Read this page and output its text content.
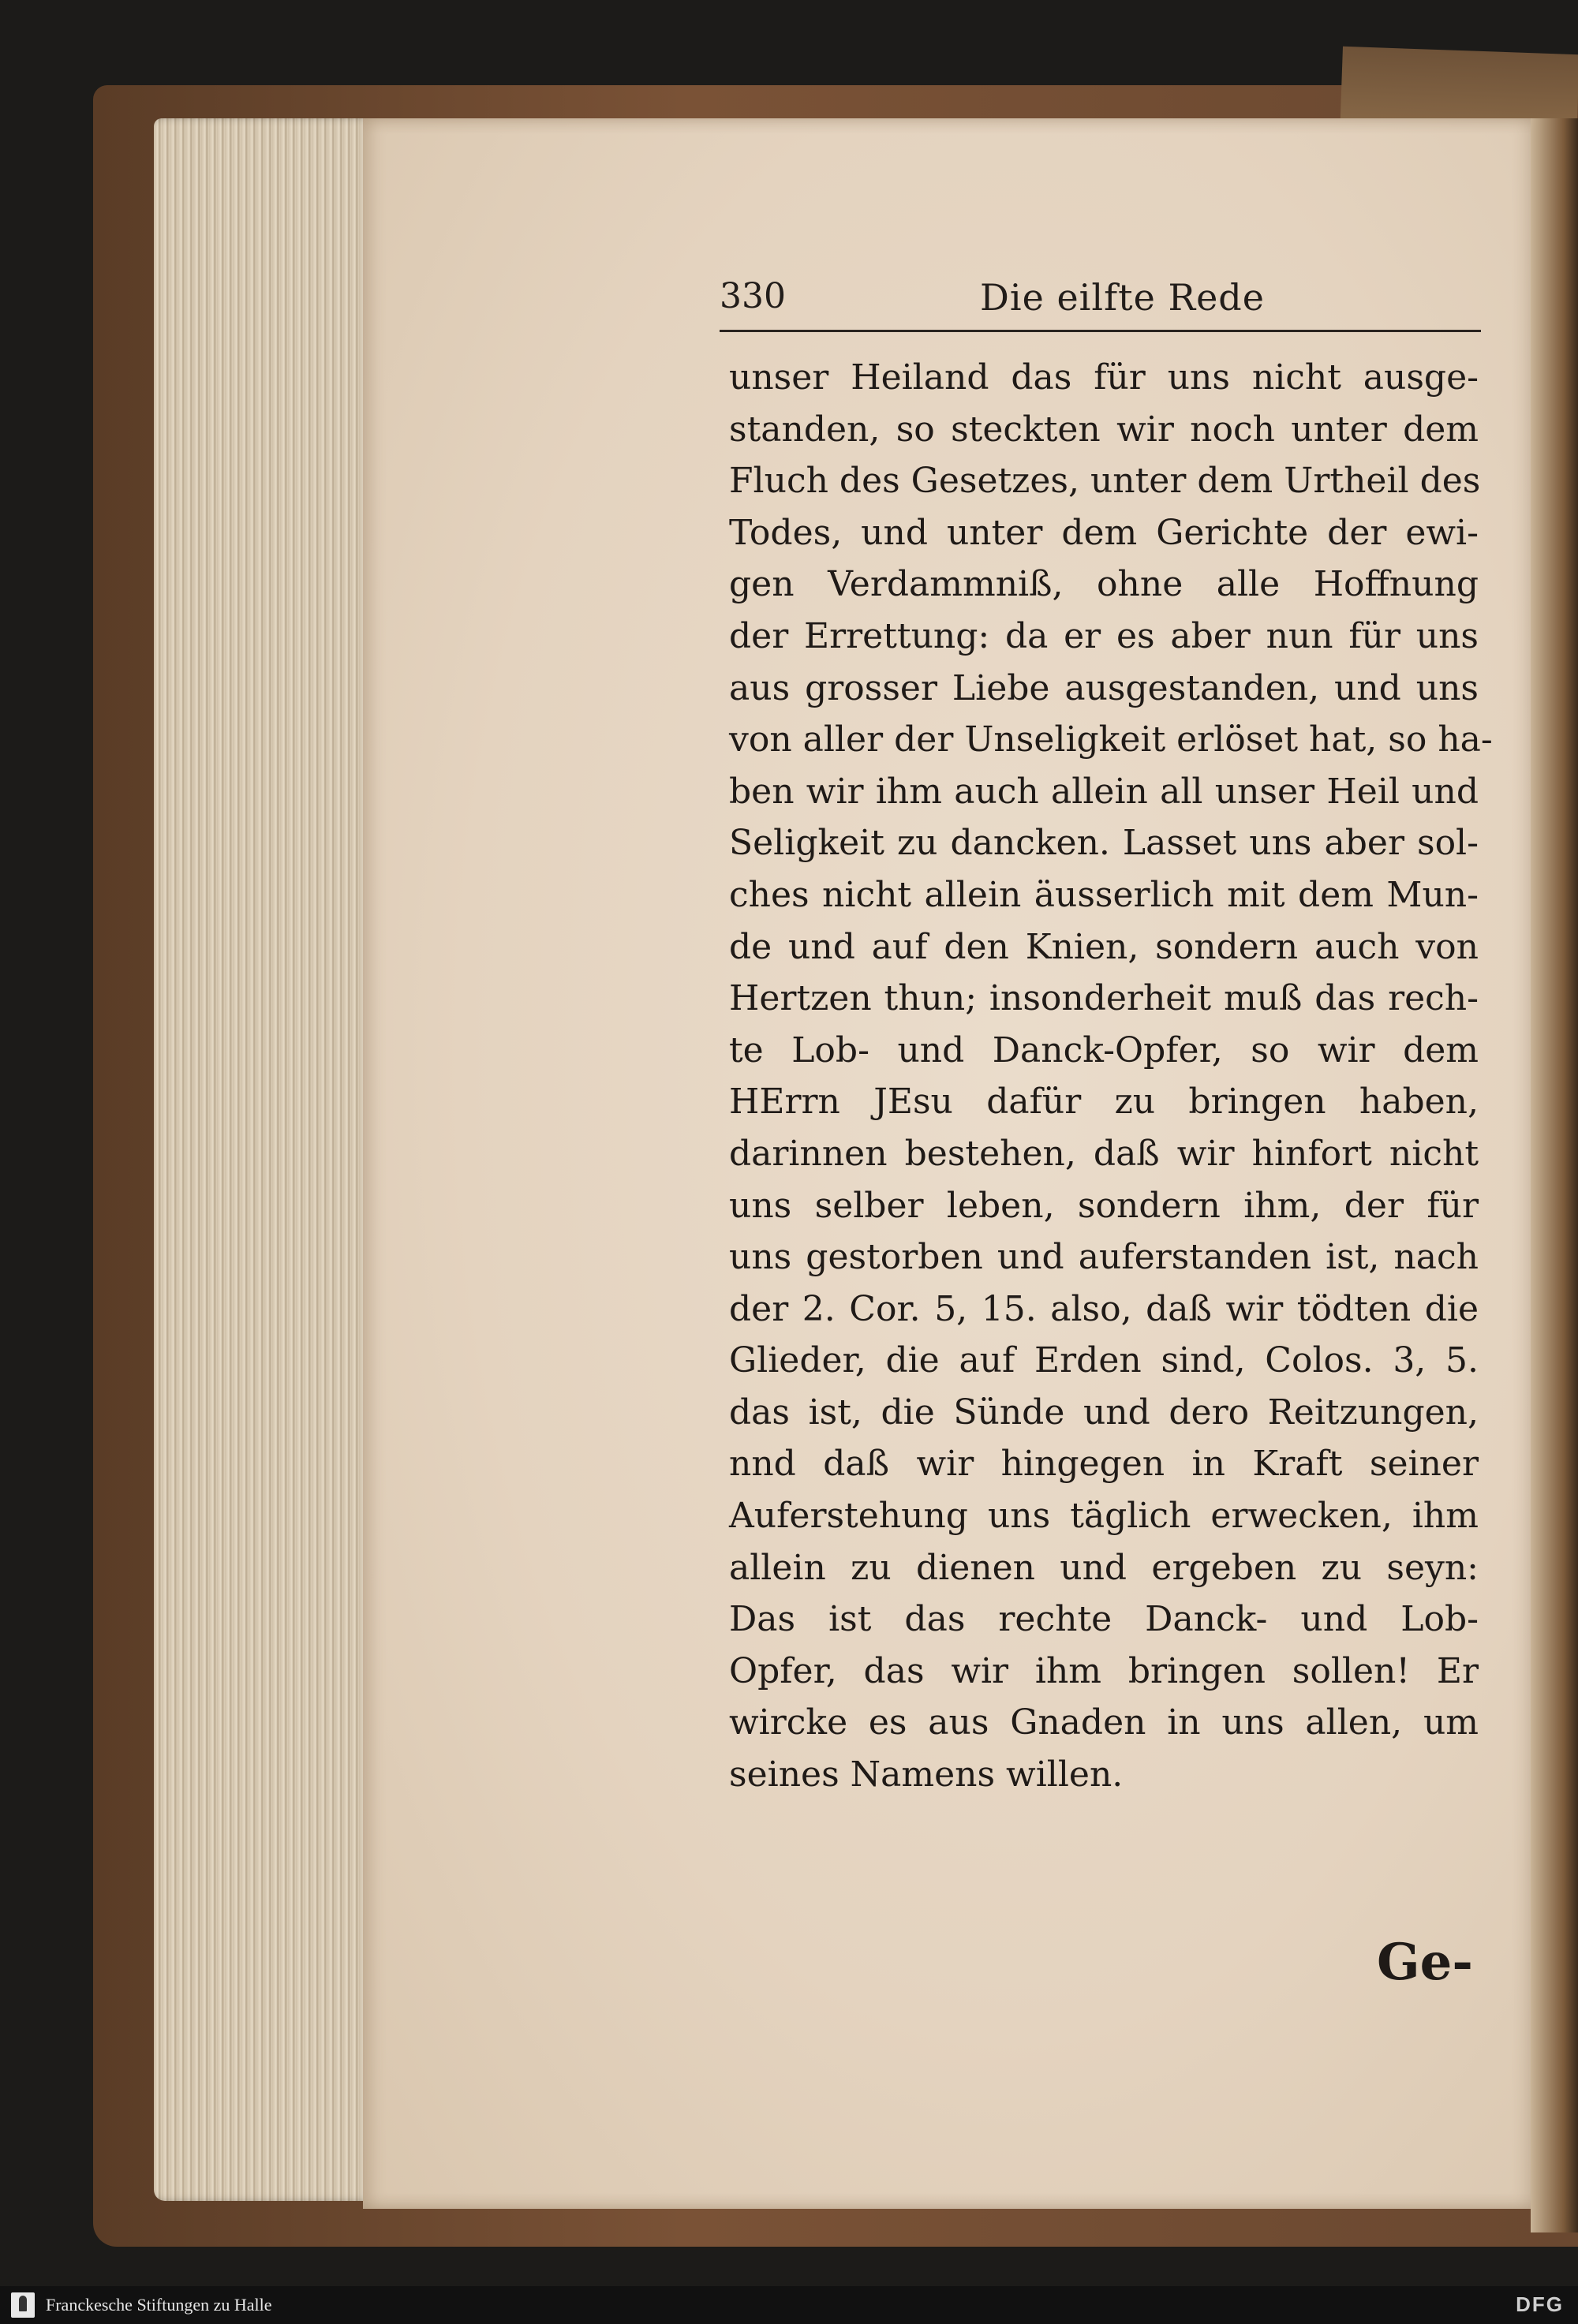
330	Die eilfte Rede
unser Heiland das für uns nicht ausge-
standen, so steckten wir noch unter dem
Fluch des Gesetzes, unter dem Urtheil des
Todes, und unter dem Gerichte der ewi-
gen Verdammniß, ohne alle Hoffnung
der Errettung: da er es aber nun für uns
aus grosser Liebe ausgestanden, und uns
von aller der Unseligkeit erlöset hat, so ha-
ben wir ihm auch allein all unser Heil und
Seligkeit zu dancken. Lasset uns aber sol-
ches nicht allein äusserlich mit dem Mun-
de und auf den Knien, sondern auch von
Hertzen thun; insonderheit muß das rech-
te Lob- und Danck-Opfer, so wir dem
HErrn JEsu dafür zu bringen haben,
darinnen bestehen, daß wir hinfort nicht
uns selber leben, sondern ihm, der für
uns gestorben und auferstanden ist, nach
der 2. Cor. 5, 15. also, daß wir tödten die
Glieder, die auf Erden sind, Colos. 3, 5.
das ist, die Sünde und dero Reitzungen,
nnd daß wir hingegen in Kraft seiner
Auferstehung uns täglich erwecken, ihm
allein zu dienen und ergeben zu seyn:
Das ist das rechte Danck- und Lob-
Opfer, das wir ihm bringen sollen! Er
wircke es aus Gnaden in uns allen, um
seines Namens willen.
Ge-
Franckesche Stiftungen zu Halle	DFG
